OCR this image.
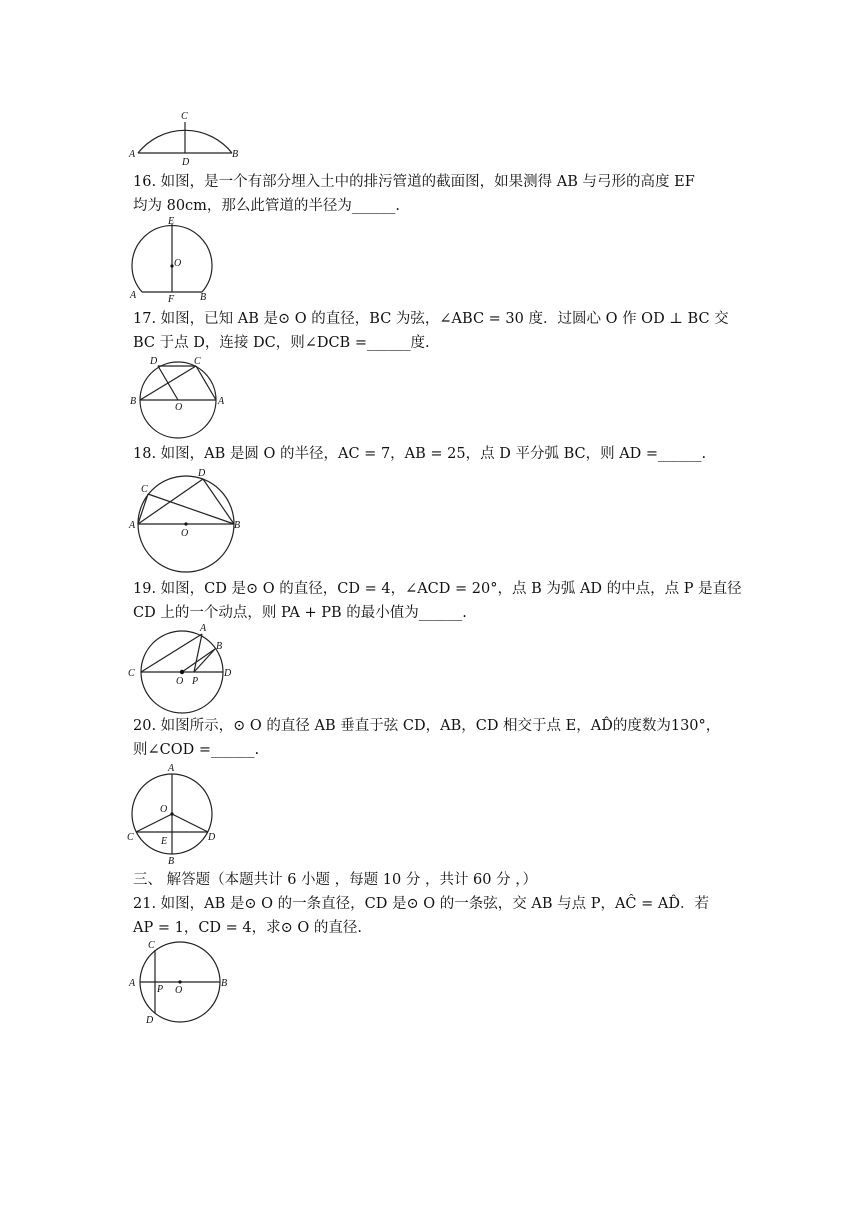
A	B
C
D
16. 如图，是一个有部分埋入土中的排污管道的截面图，如果测得 AB 与弓形的高度 EF
均为 80cm，那么此管道的半径为______.
E
O
A	F	B
17. 如图，已知 AB 是⊙ O 的直径，BC 为弦，∠ABC = 30 度．过圆心 O 作 OD ⊥ BC 交
BC 于点 D，连接 DC，则∠DCB =______度.
D	C
B
O
A
18. 如图，AB 是圆 O 的半径，AC = 7，AB = 25，点 D 平分弧 BC，则 AD =______.
D
C
A
O
B
19. 如图，CD 是⊙ O 的直径，CD = 4，∠ACD = 20°，点 B 为弧 AD 的中点，点 P 是直径
CD 上的一个动点，则 PA + PB 的最小值为______.
A
B
C
O P
D
20. 如图所示，⊙ O 的直径 AB 垂直于弦 CD，AB，CD 相交于点 E，AD̂的度数为130°，
则∠COD =______.
A
O
C	E	D
B
三、 解答题（本题共计 6 小题 ，每题 10 分 ，共计 60 分 ，）
21. 如图，AB 是⊙ O 的一条直径，CD 是⊙ O 的一条弦，交 AB 与点 P，AĈ = AD̂．若
AP = 1，CD = 4，求⊙ O 的直径.
C
A
P O
B
D
